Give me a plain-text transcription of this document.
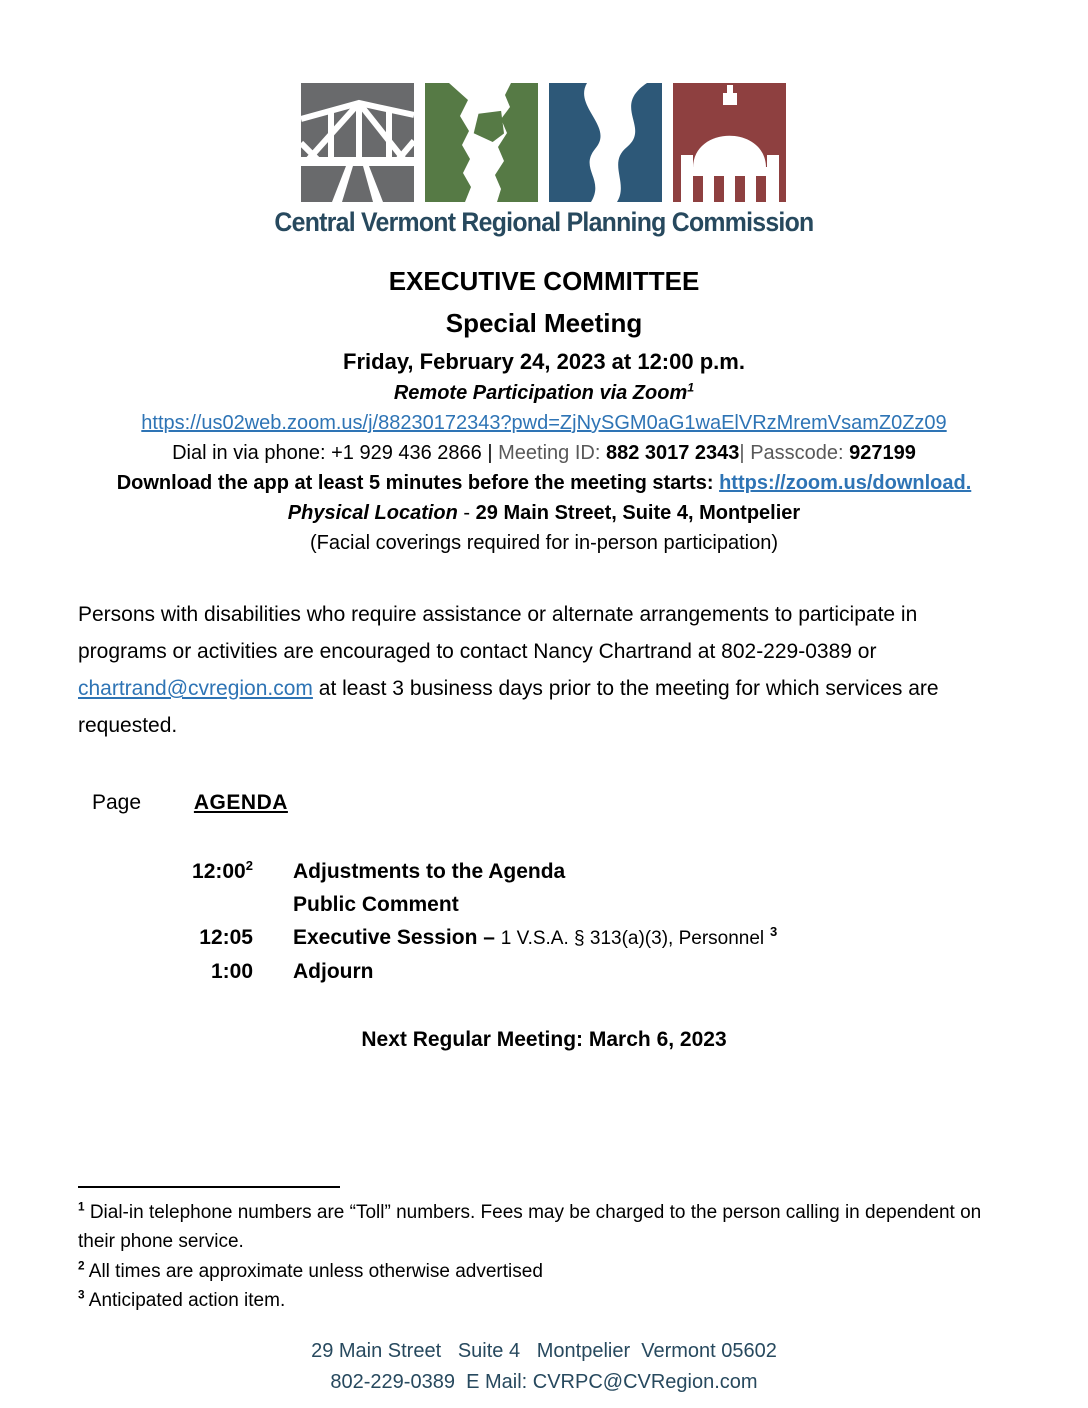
Central Vermont Regional Planning Commission
EXECUTIVE COMMITTEE
Special Meeting
Friday, February 24, 2023 at 12:00 p.m.
Remote Participation via Zoom$^1$
https://us02web.zoom.us/j/88230172343?pwd=ZjNySGM0aG1waElVRzMremVsamZ0Zz09
Dial in via phone: +1 929 436 2866 | Meeting ID: 882 3017 2343| Passcode: 927199
Download the app at least 5 minutes before the meeting starts: https://zoom.us/download.
Physical Location - 29 Main Street, Suite 4, Montpelier
(Facial coverings required for in-person participation)
Persons with disabilities who require assistance or alternate arrangements to participate in programs or activities are encouraged to contact Nancy Chartrand at 802-229-0389 or chartrand@cvregion.com at least 3 business days prior to the meeting for which services are requested.
Page	AGENDA
$12:00^2$ Adjustments to the Agenda
Public Comment
12:05 Executive Session – 1 V.S.A. § 313(a)(3), Personnel $^3$
1:00 Adjourn
Next Regular Meeting: March 6, 2023
$^1$ Dial-in telephone numbers are “Toll” numbers. Fees may be charged to the person calling in dependent on their phone service.
$^2$ All times are approximate unless otherwise advertised
$^3$ Anticipated action item.
29 Main Street   Suite 4   Montpelier  Vermont 05602
802-229-0389  E Mail: CVRPC@CVRegion.com
